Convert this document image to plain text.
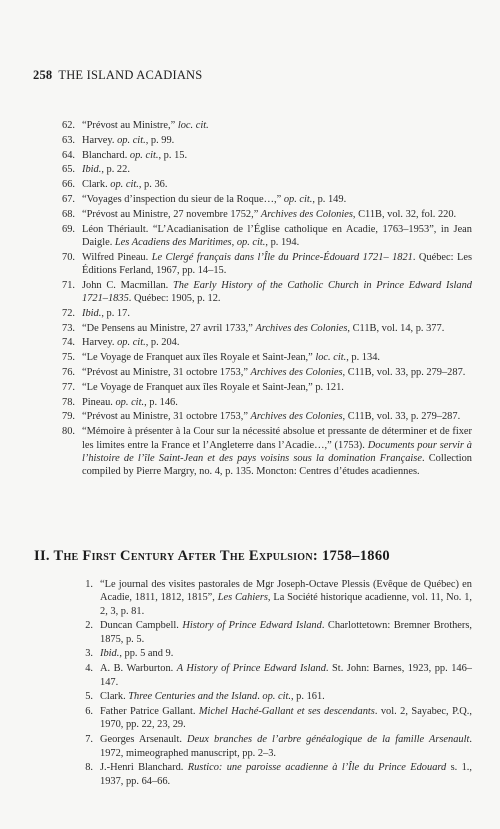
258 THE ISLAND ACADIANS
62. “Prévost au Ministre,” loc. cit.
63. Harvey. op. cit., p. 99.
64. Blanchard. op. cit., p. 15.
65. Ibid., p. 22.
66. Clark. op. cit., p. 36.
67. “Voyages d’inspection du sieur de la Roque…,” op. cit., p. 149.
68. “Prévost au Ministre, 27 novembre 1752,” Archives des Colonies, C11B, vol. 32, fol. 220.
69. Léon Thériault. “L’Acadianisation de l’Église catholique en Acadie, 1763–1953”, in Jean Daigle. Les Acadiens des Maritimes, op. cit., p. 194.
70. Wilfred Pineau. Le Clergé français dans l’Île du Prince-Édouard 1721– 1821. Québec: Les Éditions Ferland, 1967, pp. 14–15.
71. John C. Macmillan. The Early History of the Catholic Church in Prince Edward Island 1721–1835. Québec: 1905, p. 12.
72. Ibid., p. 17.
73. “De Pensens au Ministre, 27 avril 1733,” Archives des Colonies, C11B, vol. 14, p. 377.
74. Harvey. op. cit., p. 204.
75. “Le Voyage de Franquet aux îles Royale et Saint-Jean,” loc. cit., p. 134.
76. “Prévost au Ministre, 31 octobre 1753,” Archives des Colonies, C11B, vol. 33, pp. 279–287.
77. “Le Voyage de Franquet aux îles Royale et Saint-Jean,” p. 121.
78. Pineau. op. cit., p. 146.
79. “Prévost au Ministre, 31 octobre 1753,” Archives des Colonies, C11B, vol. 33, p. 279–287.
80. “Mémoire à présenter à la Cour sur la nécessité absolue et pressante de déterminer et de fixer les limites entre la France et l’Angleterre dans l’Acadie…,” (1753). Documents pour servir à l’histoire de l’île Saint-Jean et des pays voisins sous la domination Française. Collection compiled by Pierre Margry, no. 4, p. 135. Moncton: Centres d’études acadiennes.
II. The First Century After The Expulsion: 1758–1860
1. “Le journal des visites pastorales de Mgr Joseph-Octave Plessis (Evêque de Québec) en Acadie, 1811, 1812, 1815”, Les Cahiers, La Société historique acadienne, vol. 11, No. 1, 2, 3, p. 81.
2. Duncan Campbell. History of Prince Edward Island. Charlottetown: Bremner Brothers, 1875, p. 5.
3. Ibid., pp. 5 and 9.
4. A. B. Warburton. A History of Prince Edward Island. St. John: Barnes, 1923, pp. 146–147.
5. Clark. Three Centuries and the Island. op. cit., p. 161.
6. Father Patrice Gallant. Michel Haché-Gallant et ses descendants. vol. 2, Sayabec, P.Q., 1970, pp. 22, 23, 29.
7. Georges Arsenault. Deux branches de l’arbre généalogique de la famille Arsenault. 1972, mimeographed manuscript, pp. 2–3.
8. J.-Henri Blanchard. Rustico: une paroisse acadienne à l’Île du Prince Edouard s. 1., 1937, pp. 64–66.
